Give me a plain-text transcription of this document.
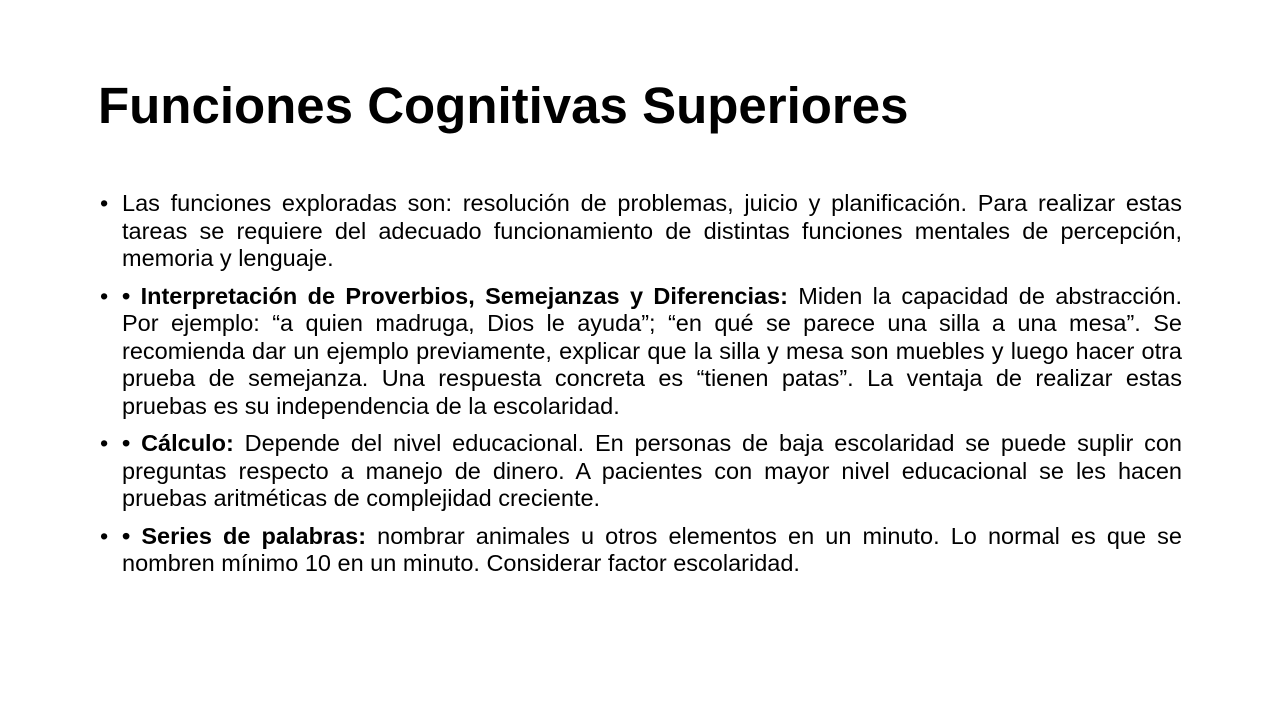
Funciones Cognitivas Superiores
• Las funciones exploradas son: resolución de problemas, juicio y planificación. Para realizar estas tareas se requiere del adecuado funcionamiento de distintas funciones mentales de percepción, memoria y lenguaje.
• • Interpretación de Proverbios, Semejanzas y Diferencias: Miden la capacidad de abstracción. Por ejemplo: “a quien madruga, Dios le ayuda”; “en qué se parece una silla a una mesa”. Se recomienda dar un ejemplo previamente, explicar que la silla y mesa son muebles y luego hacer otra prueba de semejanza. Una respuesta concreta es “tienen patas”. La ventaja de realizar estas pruebas es su independencia de la escolaridad.
• • Cálculo: Depende del nivel educacional. En personas de baja escolaridad se puede suplir con preguntas respecto a manejo de dinero. A pacientes con mayor nivel educacional se les hacen pruebas aritméticas de complejidad creciente.
• • Series de palabras: nombrar animales u otros elementos en un minuto. Lo normal es que se nombren mínimo 10 en un minuto. Considerar factor escolaridad.
